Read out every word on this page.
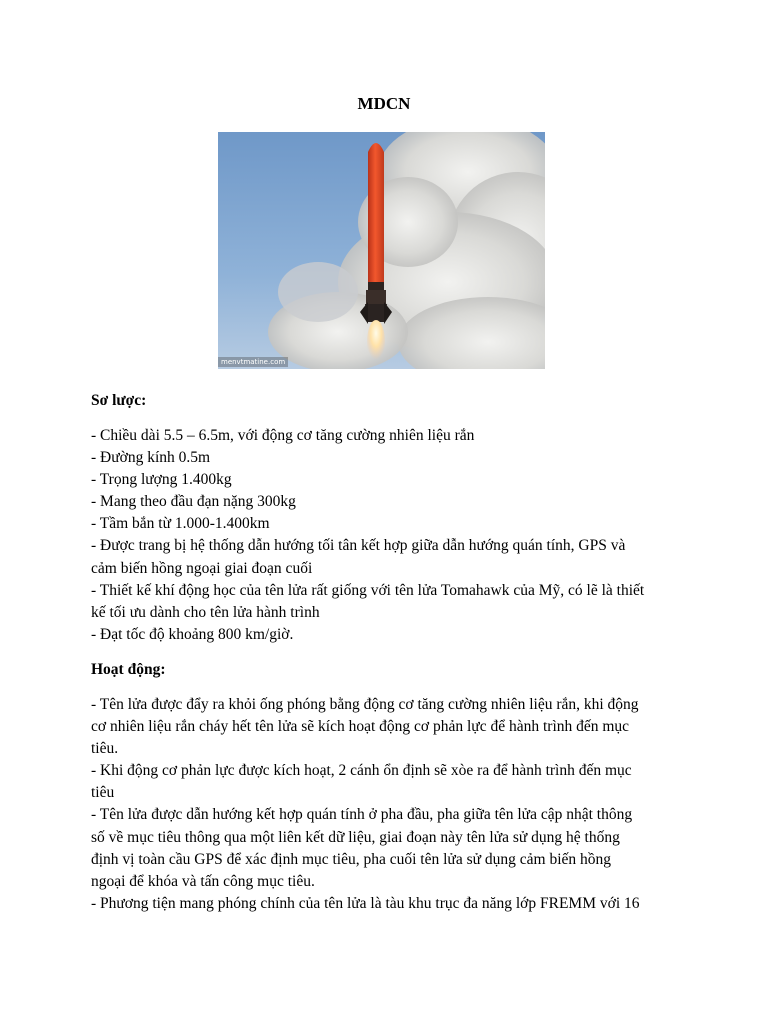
MDCN
menvtmatine.com
Sơ lược:

- Chiều dài 5.5 – 6.5m, với động cơ tăng cường nhiên liệu rắn

- Đường kính 0.5m

- Trọng lượng 1.400kg

- Mang theo đầu đạn nặng 300kg

- Tầm bắn từ 1.000-1.400km

- Được trang bị hệ thống dẫn hướng tối tân kết hợp giữa dẫn hướng quán tính, GPS và

cảm biến hồng ngoại giai đoạn cuối

- Thiết kế khí động học của tên lửa rất giống với tên lửa Tomahawk của Mỹ, có lẽ là thiết

kế tối ưu dành cho tên lửa hành trình

- Đạt tốc độ khoảng 800 km/giờ.

Hoạt động:

- Tên lửa được đẩy ra khỏi ống phóng bằng động cơ tăng cường nhiên liệu rắn, khi động

cơ nhiên liệu rắn cháy hết tên lửa sẽ kích hoạt động cơ phản lực để hành trình đến mục

tiêu.

- Khi động cơ phản lực được kích hoạt, 2 cánh ổn định sẽ xòe ra để hành trình đến mục

tiêu

- Tên lửa được dẫn hướng kết hợp quán tính ở pha đầu, pha giữa tên lửa cập nhật thông

số về mục tiêu thông qua một liên kết dữ liệu, giai đoạn này tên lửa sử dụng hệ thống

định vị toàn cầu GPS để xác định mục tiêu, pha cuối tên lửa sử dụng cảm biến hồng

ngoại để khóa và tấn công mục tiêu.

- Phương tiện mang phóng chính của tên lửa là tàu khu trục đa năng lớp FREMM với 16
